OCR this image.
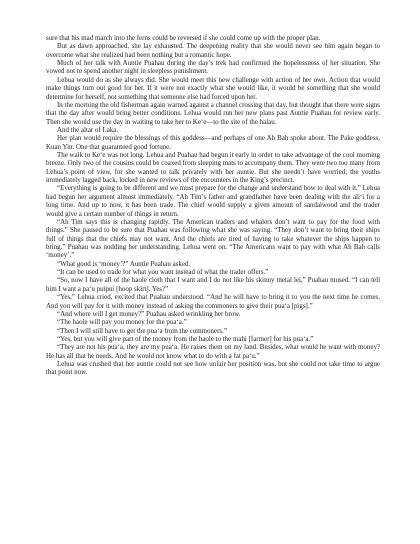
sure that his mad march into the ferns could be reversed if she could come up with the proper plan.

But as dawn approached, she lay exhausted. The deepening reality that she would never see him again began to overcome what she realized had been nothing but a romantic hope.

Much of her talk with Auntie Puahau during the day’s trek had confirmed the hopelessness of her situation. She vowed not to spend another night in sleepless punishment.

Lehua would do as she always did. She would meet this new challenge with action of her own. Action that would make things turn out good for her. If it were not exactly what she would like, it would be something that she would determine for herself, not something that someone else had forced upon her.

In the morning the old fisherman again warned against a channel crossing that day, but thought that there were signs that the day after would bring better conditions. Lehua would run her new plans past Auntie Puahau for review early. Then she would use the day in waiting to take her to Ke‘e—to the site of the halau.

And the altar of Laka.

Her plan would require the blessings of this goddess—and perhaps of one Ah Bah spoke about. The Pake goddess, Kuan Yin. One that guaranteed good fortune.

The walk to Ke‘e was not long. Lehua and Puahau had begun it early in order to take advantage of the cool morning breeze. Only two of the cousins could be coaxed from sleeping mats to accompany them. They were two too many from Lehua’s point of view, for she wanted to talk privately with her auntie. But she needn’t have worried; the youths immediately lagged back, locked in new reviews of the encounters in the King’s precinct.

“Everything is going to be different and we must prepare for the change and understand how to deal with it.” Lehua had begun her argument almost immediately. “Ah Tim’s father and grandfather have been dealing with the ali‘i for a long time. And up to now, it has been trade. The chief would supply a given amount of sandalwood and the trader would give a certain number of things in return.

“Ah Tim says this is changing rapidly. The American traders and whalers don’t want to pay for the food with things.” She paused to be sure that Puahau was following what she was saying. “They don’t want to bring their ships full of things that the chiefs may not want. And the chiefs are tired of having to take whatever the ships happen to bring.” Puahau was nodding her understanding. Lehua went on. “The Americans want to pay with what Ah Bah calls ‘money’.”

“What good is ‘money’?” Auntie Puahau asked.

“It can be used to trade for what you want instead of what the trader offers.”

“So, now I have all of the haole cloth that I want and I do not like his skinny metal lei,” Puahau mused. “I can tell him I want a pa‘u puipui [hoop skirt]. Yes?”

“Yes,” Lehua cried, excited that Puahau understood. “And he will have to bring it to you the next time he comes. And you will pay for it with money instead of asking the commoners to give their pua‘a [pigs].”

“And where will I get money?” Puahau asked wrinkling her brow.

“The haole will pay you money for the pua‘a.”

“Then I will still have to get the pua‘a from the commoners.”

“Yes, but you will give part of the money from the haole to the mahi [farmer] for his pua‘a.”

“They are not his pua‘a, they are my pua‘a. He raises them on my land. Besides, what would he want with money? He has all that he needs. And he would not know what to do with a fat pa‘u.”

Lehua was crushed that her auntie could not see how unfair her position was, but she could not take time to argue that point now.
